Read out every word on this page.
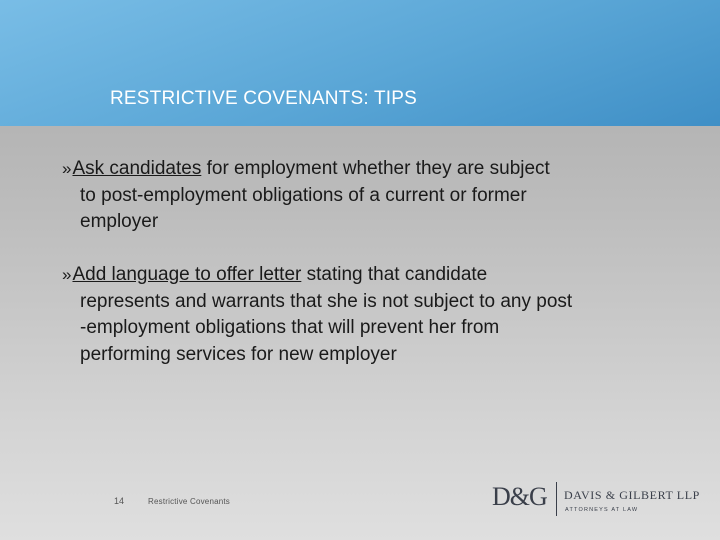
RESTRICTIVE COVENANTS: TIPS
»Ask candidates for employment whether they are subject
to post-employment obligations of a current or former
employer
»Add language to offer letter stating that candidate
represents and warrants that she is not subject to any post
-employment obligations that will prevent her from
performing services for new employer
14	Restrictive Covenants	D&G DAVIS & GILBERT LLP
ATTORNEYS AT LAW
